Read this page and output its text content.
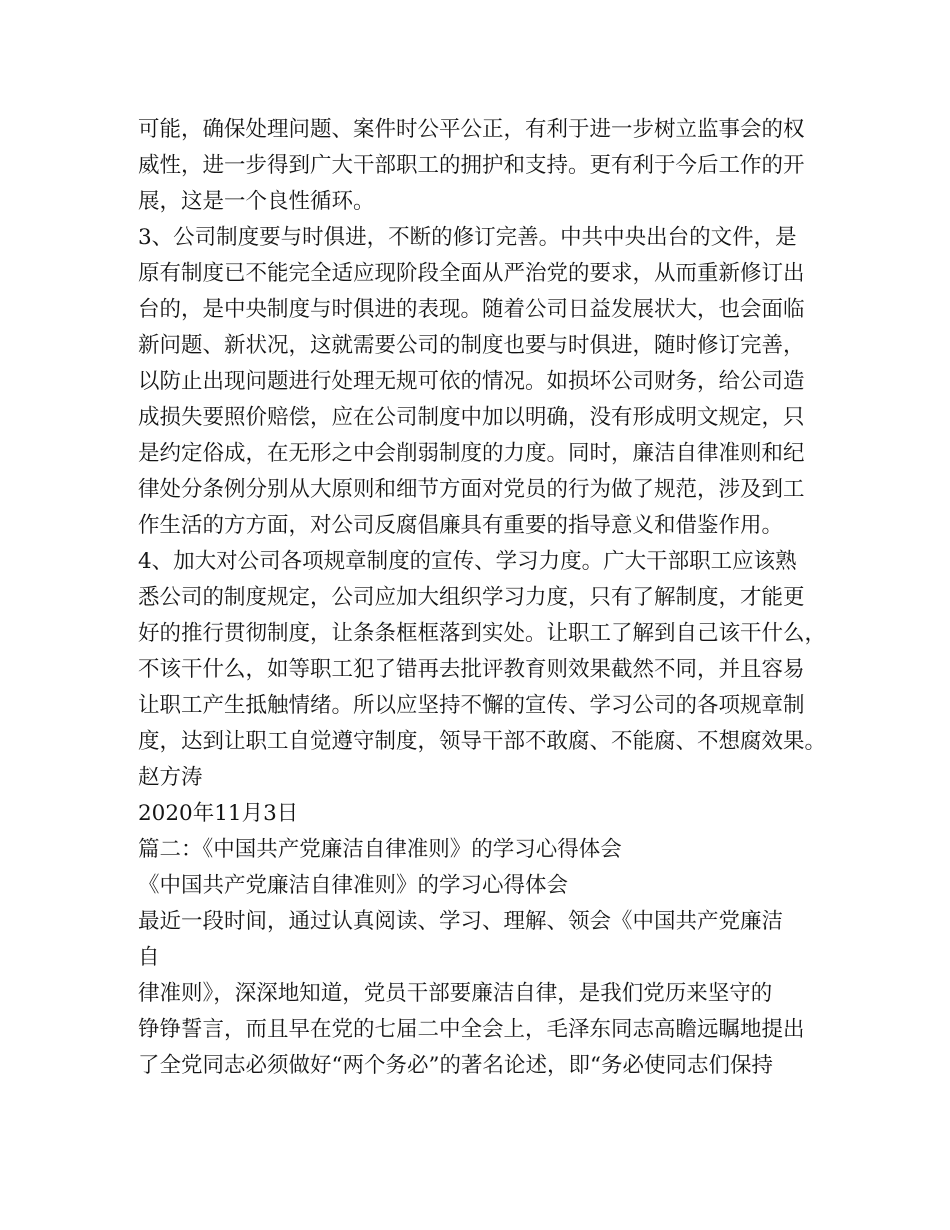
可能，确保处理问题、案件时公平公正，有利于进一步树立监事会的权
威性，进一步得到广大干部职工的拥护和支持。更有利于今后工作的开
展，这是一个良性循环。
3、公司制度要与时俱进，不断的修订完善。中共中央出台的文件，是
原有制度已不能完全适应现阶段全面从严治党的要求，从而重新修订出
台的，是中央制度与时俱进的表现。随着公司日益发展状大，也会面临
新问题、新状况，这就需要公司的制度也要与时俱进，随时修订完善，
以防止出现问题进行处理无规可依的情况。如损坏公司财务，给公司造
成损失要照价赔偿，应在公司制度中加以明确，没有形成明文规定，只
是约定俗成，在无形之中会削弱制度的力度。同时，廉洁自律准则和纪
律处分条例分别从大原则和细节方面对党员的行为做了规范，涉及到工
作生活的方方面，对公司反腐倡廉具有重要的指导意义和借鉴作用。
4、加大对公司各项规章制度的宣传、学习力度。广大干部职工应该熟
悉公司的制度规定，公司应加大组织学习力度，只有了解制度，才能更
好的推行贯彻制度，让条条框框落到实处。让职工了解到自己该干什么，
不该干什么，如等职工犯了错再去批评教育则效果截然不同，并且容易
让职工产生抵触情绪。所以应坚持不懈的宣传、学习公司的各项规章制
度，达到让职工自觉遵守制度，领导干部不敢腐、不能腐、不想腐效果。
赵方涛
2020年11月3日
篇二：《中国共产党廉洁自律准则》的学习心得体会
《中国共产党廉洁自律准则》的学习心得体会
最近一段时间，通过认真阅读、学习、理解、领会《中国共产党廉洁
自
律准则》，深深地知道，党员干部要廉洁自律，是我们党历来坚守的
铮铮誓言，而且早在党的七届二中全会上，毛泽东同志高瞻远瞩地提出
了全党同志必须做好“两个务必”的著名论述，即“务必使同志们保持
